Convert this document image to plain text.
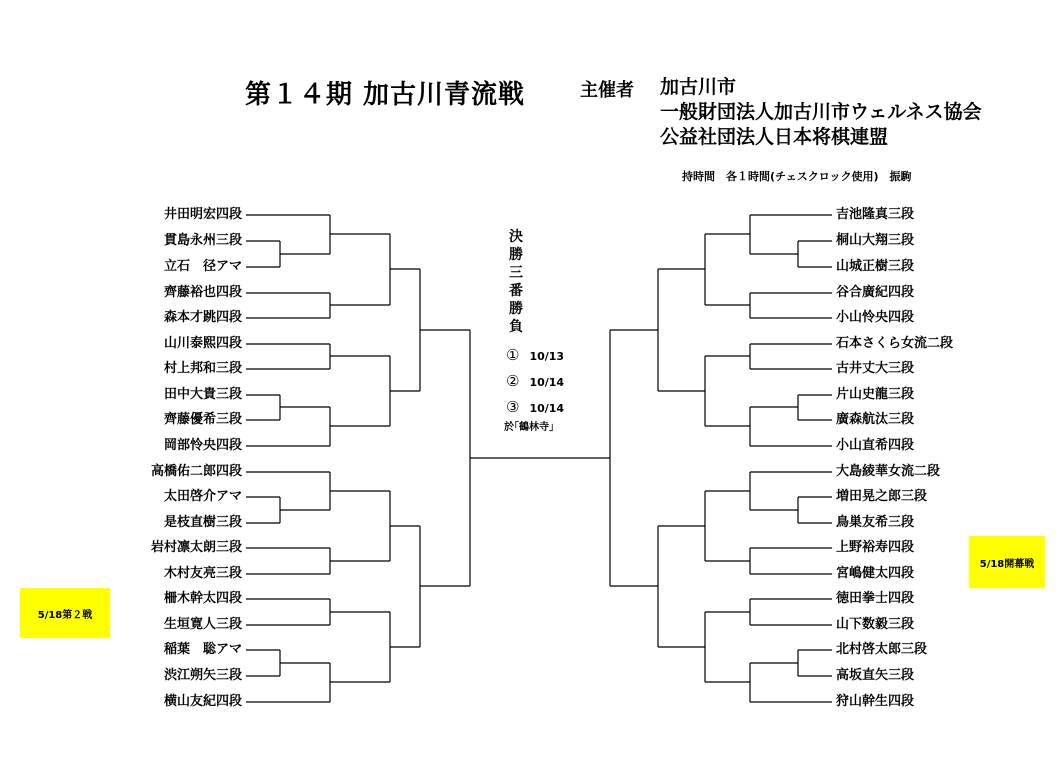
第１４期 加古川青流戦	主催者 加古川市
一般財団法人加古川市ウェルネス協会
公益社団法人日本将棋連盟
持時間　各１時間(チェスクロック使用)　振駒
井田明宏四段
貫島永州三段
立石　径アマ
齊藤裕也四段
森本才跳四段
山川泰熙四段
村上邦和三段
田中大貴三段
齊藤優希三段
岡部怜央四段
高橋佑二郎四段
太田啓介アマ
是枝直樹三段
岩村凛太朗三段
木村友亮三段
柵木幹太四段
生垣寛人三段
稲葉　聡アマ
渋江朔矢三段
横山友紀四段
吉池隆真三段
桐山大翔三段
山城正樹三段
谷合廣紀四段
小山怜央四段
石本さくら女流二段
古井丈大三段
片山史龍三段
廣森航汰三段
小山直希四段
大島綾華女流二段
増田晃之郎三段
鳥巣友希三段
上野裕寿四段
宮嶋健太四段
徳田拳士四段
山下数毅三段
北村啓太郎三段
高坂直矢三段
狩山幹生四段
決
勝
三
番
勝
負
① 10/13
② 10/14
③ 10/14
於｢鶴林寺｣
5/18第２戦
5/18開幕戦
